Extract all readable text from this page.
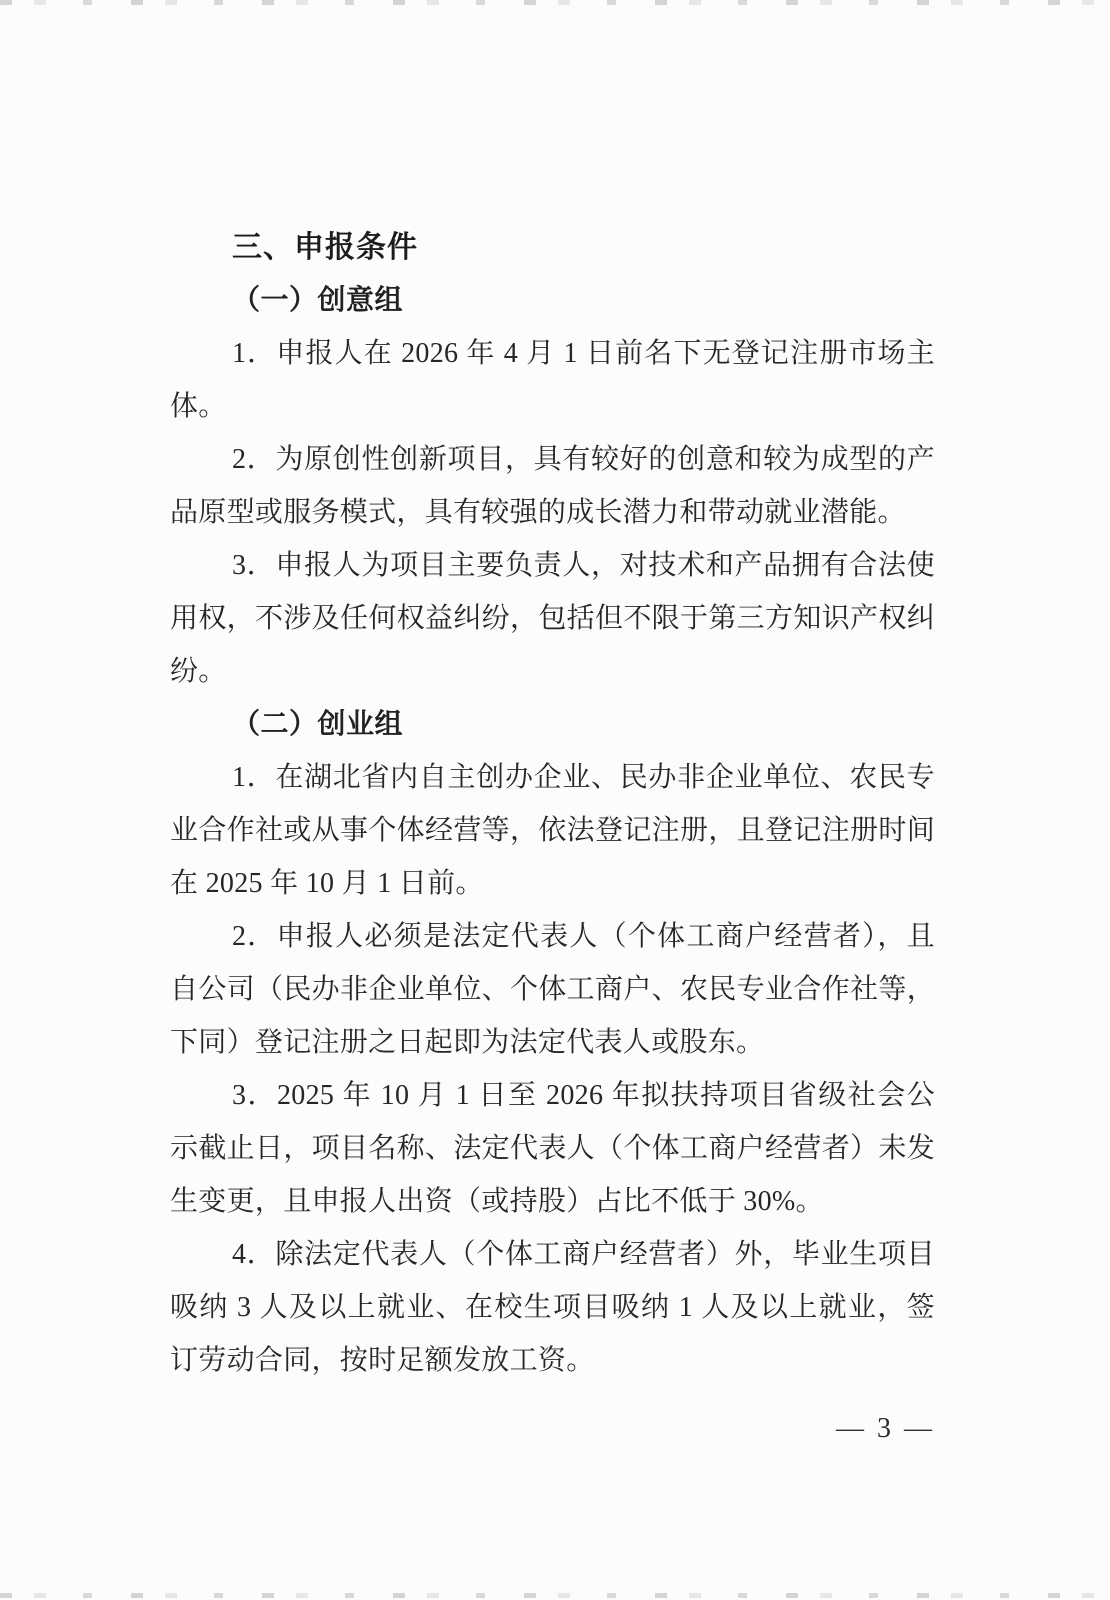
三、申报条件
（一）创意组

1．申报人在 2026 年 4 月 1 日前名下无登记注册市场主体。

2．为原创性创新项目，具有较好的创意和较为成型的产品原型或服务模式，具有较强的成长潜力和带动就业潜能。

3．申报人为项目主要负责人，对技术和产品拥有合法使用权，不涉及任何权益纠纷，包括但不限于第三方知识产权纠纷。

（二）创业组

1．在湖北省内自主创办企业、民办非企业单位、农民专业合作社或从事个体经营等，依法登记注册，且登记注册时间在 2025 年 10 月 1 日前。

2．申报人必须是法定代表人（个体工商户经营者），且自公司（民办非企业单位、个体工商户、农民专业合作社等，下同）登记注册之日起即为法定代表人或股东。

3．2025 年 10 月 1 日至 2026 年拟扶持项目省级社会公示截止日，项目名称、法定代表人（个体工商户经营者）未发生变更，且申报人出资（或持股）占比不低于 30%。

4．除法定代表人（个体工商户经营者）外，毕业生项目吸纳 3 人及以上就业、在校生项目吸纳 1 人及以上就业，签订劳动合同，按时足额发放工资。

— 3 —
